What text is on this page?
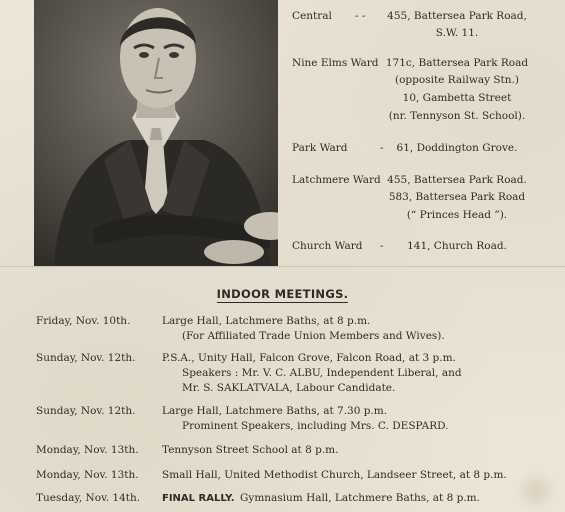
Central - -	455, Battersea Park Road,
S.W. 11.
Nine Elms Ward 171c, Battersea Park Road
(opposite Railway Stn.)
10, Gambetta Street
(nr. Tennyson St. School).
Park Ward	-	61, Doddington Grove.
Latchmere Ward 455, Battersea Park Road.
583, Battersea Park Road
(“ Princes Head ”).
Church Ward -	141, Church Road.
INDOOR MEETINGS.
Friday, Nov. 10th.	Large Hall, Latchmere Baths, at 8 p.m.
(For Affiliated Trade Union Members and Wives).
Sunday, Nov. 12th.	P.S.A., Unity Hall, Falcon Grove, Falcon Road, at 3 p.m.
Speakers : Mr. V. C. ALBU, Independent Liberal, and
Mr. S. SAKLATVALA, Labour Candidate.
Sunday, Nov. 12th.	Large Hall, Latchmere Baths, at 7.30 p.m.
Prominent Speakers, including Mrs. C. DESPARD.
Monday, Nov. 13th. Tennyson Street School at 8 p.m.
Monday, Nov. 13th. Small Hall, United Methodist Church, Landseer Street, at 8 p.m.
Tuesday, Nov. 14th. FINAL RALLY. Gymnasium Hall, Latchmere Baths, at 8 p.m.
